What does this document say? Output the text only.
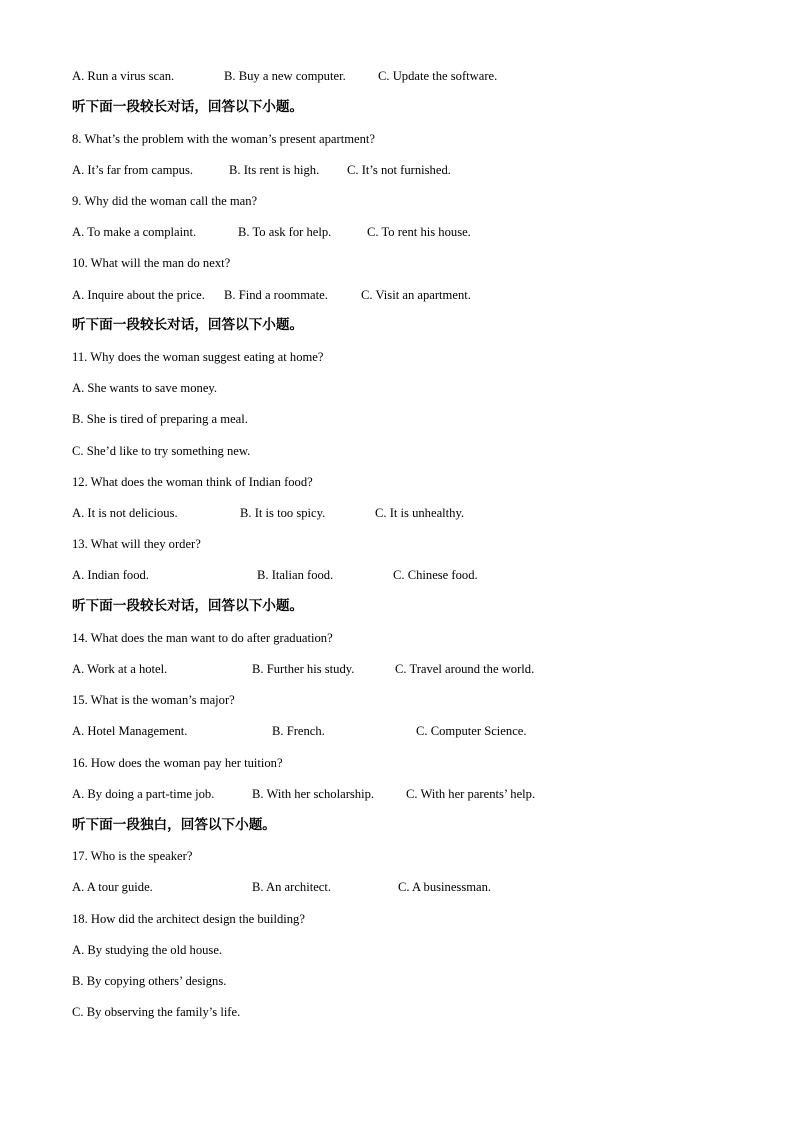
A. Run a virus scan.	B. Buy a new computer.	C. Update the software.
听下面一段较长对话，回答以下小题。
8. What’s the problem with the woman’s present apartment?
A. It’s far from campus.	B. Its rent is high. C. It’s not furnished.
9. Why did the woman call the man?
A. To make a complaint.	B. To ask for help.	C. To rent his house.
10. What will the man do next?
A. Inquire about the price. B. Find a roommate.	C. Visit an apartment.
听下面一段较长对话，回答以下小题。
11. Why does the woman suggest eating at home?
A. She wants to save money.
B. She is tired of preparing a meal.
C. She’d like to try something new.
12. What does the woman think of Indian food?
A. It is not delicious.	B. It is too spicy.	C. It is unhealthy.
13. What will they order?
A. Indian food.	B. Italian food.	C. Chinese food.
听下面一段较长对话，回答以下小题。
14. What does the man want to do after graduation?
A. Work at a hotel.	B. Further his study.	C. Travel around the world.
15. What is the woman’s major?
A. Hotel Management.	B. French.	C. Computer Science.
16. How does the woman pay her tuition?
A. By doing a part-time job.	B. With her scholarship.	C. With her parents’ help.
听下面一段独白，回答以下小题。
17. Who is the speaker?
A. A tour guide.	B. An architect.	C. A businessman.
18. How did the architect design the building?
A. By studying the old house.
B. By copying others’ designs.
C. By observing the family’s life.
